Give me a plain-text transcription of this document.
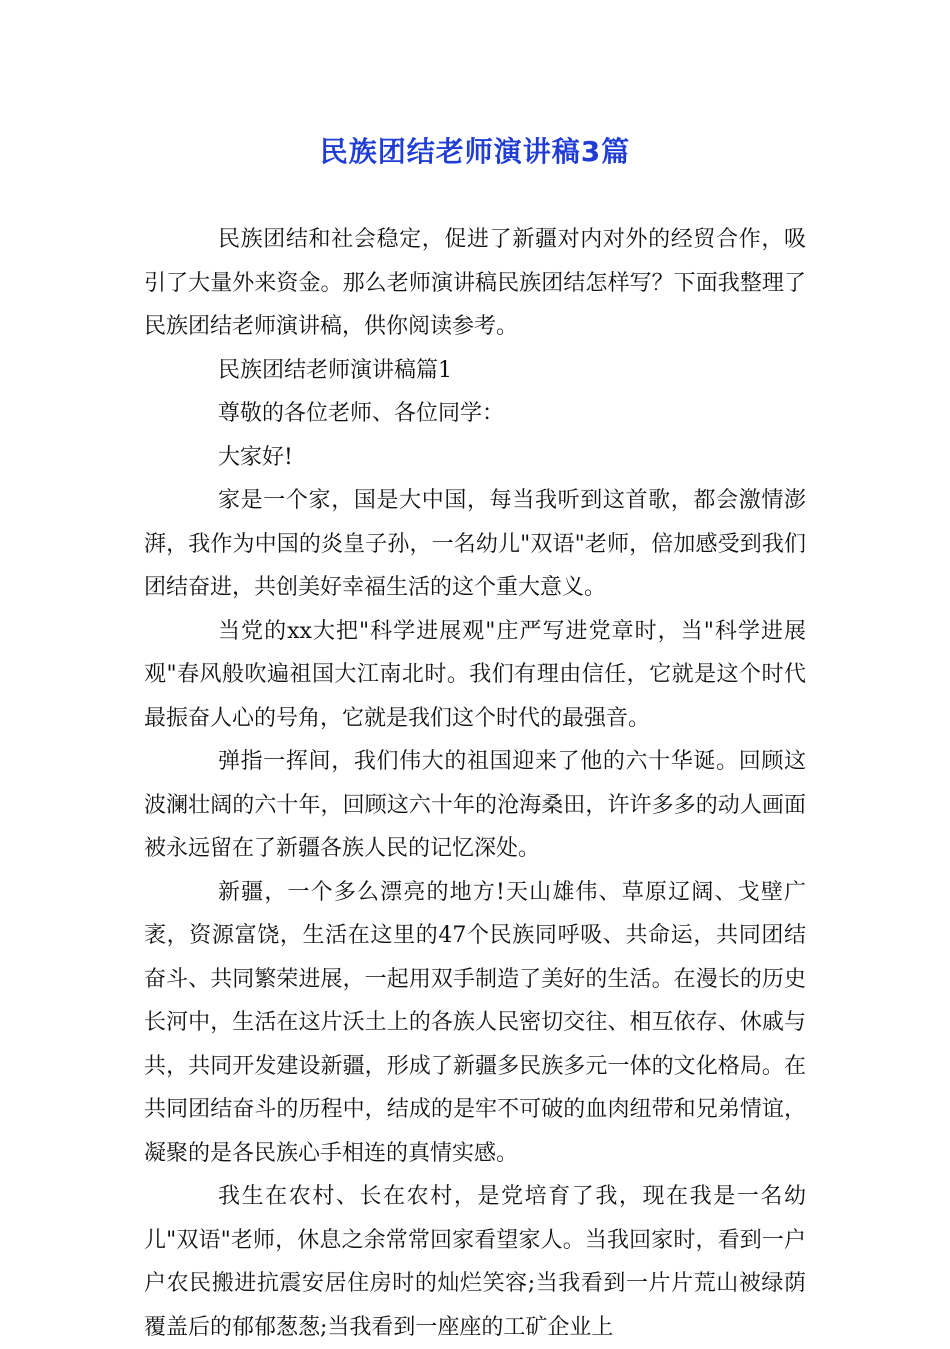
民族团结老师演讲稿3篇

民族团结和社会稳定，促进了新疆对内对外的经贸合作，吸引了大量外来资金。那么老师演讲稿民族团结怎样写？下面我整理了民族团结老师演讲稿，供你阅读参考。

民族团结老师演讲稿篇1

尊敬的各位老师、各位同学：

大家好!

家是一个家，国是大中国，每当我听到这首歌，都会激情澎湃，我作为中国的炎皇子孙，一名幼儿"双语"老师，倍加感受到我们团结奋进，共创美好幸福生活的这个重大意义。

当党的xx大把"科学进展观"庄严写进党章时，当"科学进展观"春风般吹遍祖国大江南北时。我们有理由信任，它就是这个时代最振奋人心的号角，它就是我们这个时代的最强音。

弹指一挥间，我们伟大的祖国迎来了他的六十华诞。回顾这波澜壮阔的六十年，回顾这六十年的沧海桑田，许许多多的动人画面被永远留在了新疆各族人民的记忆深处。

新疆，一个多么漂亮的地方!天山雄伟、草原辽阔、戈壁广袤，资源富饶，生活在这里的47个民族同呼吸、共命运，共同团结奋斗、共同繁荣进展，一起用双手制造了美好的生活。在漫长的历史长河中，生活在这片沃土上的各族人民密切交往、相互依存、休戚与共，共同开发建设新疆，形成了新疆多民族多元一体的文化格局。在共同团结奋斗的历程中，结成的是牢不可破的血肉纽带和兄弟情谊，凝聚的是各民族心手相连的真情实感。

我生在农村、长在农村，是党培育了我，现在我是一名幼儿"双语"老师，休息之余常常回家看望家人。当我回家时，看到一户户农民搬进抗震安居住房时的灿烂笑容;当我看到一片片荒山被绿荫覆盖后的郁郁葱葱;当我看到一座座的工矿企业上
